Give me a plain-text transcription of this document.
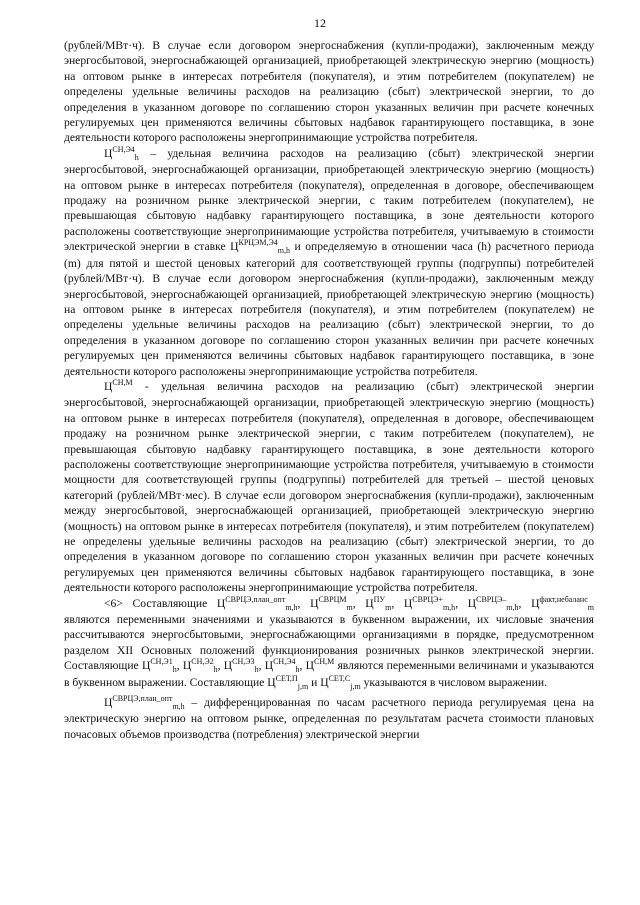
12

(рублей/МВт·ч). В случае если договором энергоснабжения (купли-продажи), заключенным между энергосбытовой, энергоснабжающей организацией, приобретающей электрическую энергию (мощность) на оптовом рынке в интересах потребителя (покупателя), и этим потребителем (покупателем) не определены удельные величины расходов на реализацию (сбыт) электрической энергии, то до определения в указанном договоре по соглашению сторон указанных величин при расчете конечных регулируемых цен применяются величины сбытовых надбавок гарантирующего поставщика, в зоне деятельности которого расположены энергопринимающие устройства потребителя.

$Ц^{СН,Э4}_h$ – удельная величина расходов на реализацию (сбыт) электрической энергии энергосбытовой, энергоснабжающей организации, приобретающей электрическую энергию (мощность) на оптовом рынке в интересах потребителя (покупателя), определенная в договоре, обеспечивающем продажу на розничном рынке электрической энергии, с таким потребителем (покупателем), не превышающая сбытовую надбавку гарантирующего поставщика, в зоне деятельности которого расположены соответствующие энергопринимающие устройства потребителя, учитываемую в стоимости электрической энергии в ставке $Ц^{КРЦЭМ,Э4}_{m,h}$ и определяемую в отношении часа (h) расчетного периода (m) для пятой и шестой ценовых категорий для соответствующей группы (подгруппы) потребителей (рублей/МВт·ч). В случае если договором энергоснабжения (купли-продажи), заключенным между энергосбытовой, энергоснабжающей организацией, приобретающей электрическую энергию (мощность) на оптовом рынке в интересах потребителя (покупателя), и этим потребителем (покупателем) не определены удельные величины расходов на реализацию (сбыт) электрической энергии, то до определения в указанном договоре по соглашению сторон указанных величин при расчете конечных регулируемых цен применяются величины сбытовых надбавок гарантирующего поставщика, в зоне деятельности которого расположены энергопринимающие устройства потребителя.

$Ц^{СН,М}$ - удельная величина расходов на реализацию (сбыт) электрической энергии энергосбытовой, энергоснабжающей организации, приобретающей электрическую энергию (мощность) на оптовом рынке в интересах потребителя (покупателя), определенная в договоре, обеспечивающем продажу на розничном рынке электрической энергии, с таким потребителем (покупателем), не превышающая сбытовую надбавку гарантирующего поставщика, в зоне деятельности которого расположены соответствующие энергопринимающие устройства потребителя, учитываемую в стоимости мощности для соответствующей группы (подгруппы) потребителей для третьей – шестой ценовых категорий (рублей/МВт·мес). В случае если договором энергоснабжения (купли-продажи), заключенным между энергосбытовой, энергоснабжающей организацией, приобретающей электрическую энергию (мощность) на оптовом рынке в интересах потребителя (покупателя), и этим потребителем (покупателем) не определены удельные величины расходов на реализацию (сбыт) электрической энергии, то до определения в указанном договоре по соглашению сторон указанных величин при расчете конечных регулируемых цен применяются величины сбытовых надбавок гарантирующего поставщика, в зоне деятельности которого расположены энергопринимающие устройства потребителя.

<6> Составляющие $Ц^{СВРЦЭ,план\_опт}_{m,h}$, $Ц^{СВРЦМ}_m$, $Ц^{ПУ}_m$, $Ц^{СВРЦЭ+}_{m,h}$, $Ц^{СВРЦЭ-}_{m,h}$, $Ц^{факт,небаланс}_m$ являются переменными значениями и указываются в буквенном выражении, их числовые значения рассчитываются энергосбытовыми, энергоснабжающими организациями в порядке, предусмотренном разделом XII Основных положений функционирования розничных рынков электрической энергии. Составляющие $Ц^{СН,Э1}_h$, $Ц^{СН,Э2}_h$, $Ц^{СН,Э3}_h$, $Ц^{СН,Э4}_h$, $Ц^{СН,М}$ являются переменными величинами и указываются в буквенном выражении. Составляющие $Ц^{СЕТ,П}_{j,m}$ и $Ц^{СЕТ,С}_{j,m}$ указываются в числовом выражении.

$Ц^{СВРЦЭ,план\_опт}_{m,h}$ – дифференцированная по часам расчетного периода регулируемая цена на электрическую энергию на оптовом рынке, определенная по результатам расчета стоимости плановых почасовых объемов производства (потребления) электрической энергии
